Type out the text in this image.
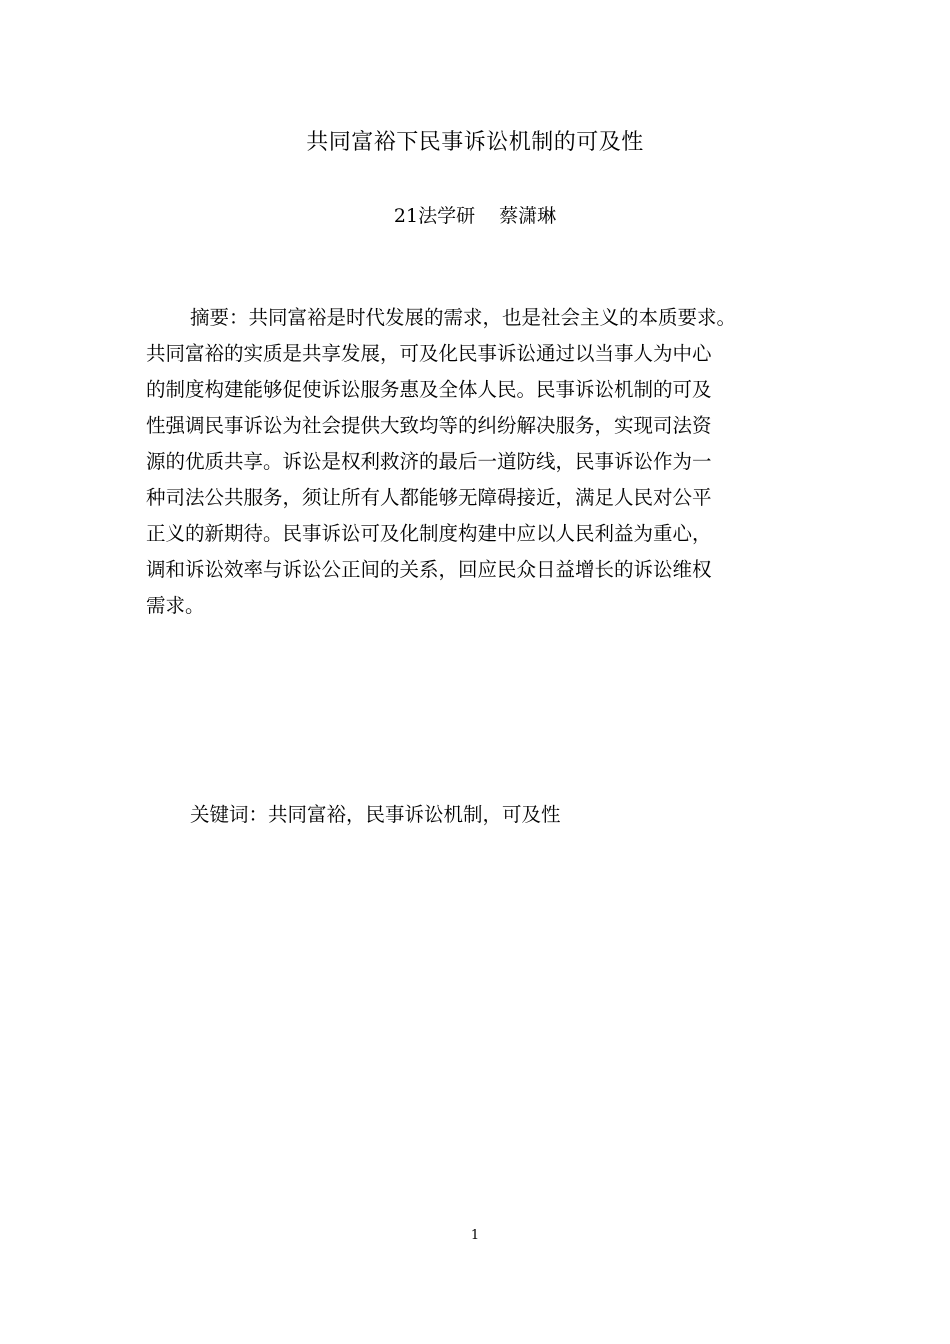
共同富裕下民事诉讼机制的可及性
21法学研 蔡潇琳
摘要：共同富裕是时代发展的需求，也是社会主义的本质要求。
共同富裕的实质是共享发展，可及化民事诉讼通过以当事人为中心
的制度构建能够促使诉讼服务惠及全体人民。民事诉讼机制的可及
性强调民事诉讼为社会提供大致均等的纠纷解决服务，实现司法资
源的优质共享。诉讼是权利救济的最后一道防线，民事诉讼作为一
种司法公共服务，须让所有人都能够无障碍接近，满足人民对公平
正义的新期待。民事诉讼可及化制度构建中应以人民利益为重心，
调和诉讼效率与诉讼公正间的关系，回应民众日益增长的诉讼维权
需求。
关键词：共同富裕，民事诉讼机制，可及性
1
